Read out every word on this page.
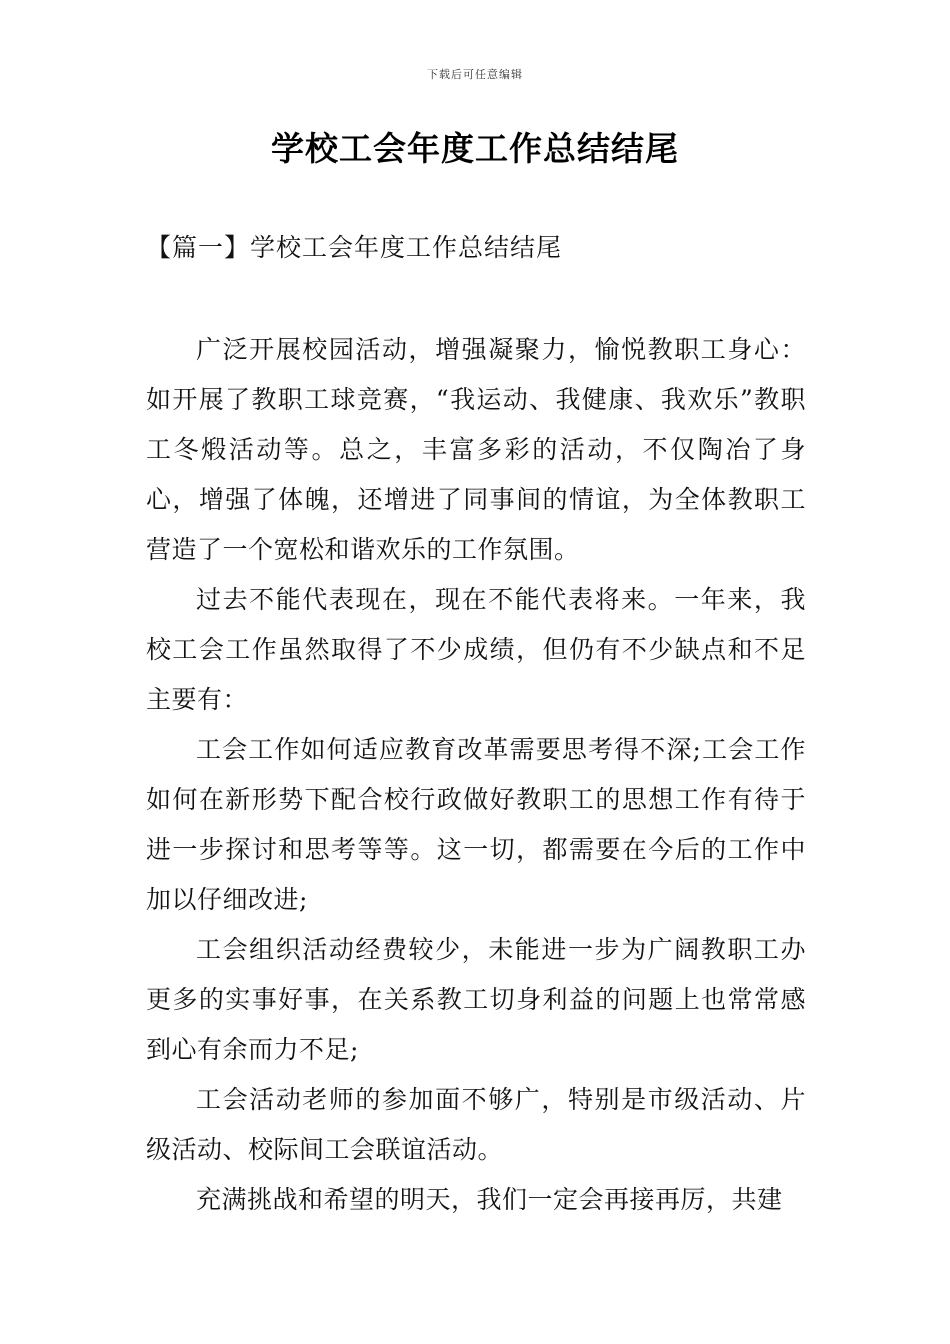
下载后可任意编辑
学校工会年度工作总结结尾
【篇一】学校工会年度工作总结结尾

广泛开展校园活动，增强凝聚力，愉悦教职工身心：如开展了教职工球竞赛，“我运动、我健康、我欢乐”教职工冬煅活动等。总之，丰富多彩的活动，不仅陶冶了身心，增强了体魄，还增进了同事间的情谊，为全体教职工营造了一个宽松和谐欢乐的工作氛围。

过去不能代表现在，现在不能代表将来。一年来，我校工会工作虽然取得了不少成绩，但仍有不少缺点和不足主要有：

工会工作如何适应教育改革需要思考得不深;工会工作如何在新形势下配合校行政做好教职工的思想工作有待于进一步探讨和思考等等。这一切，都需要在今后的工作中加以仔细改进;

工会组织活动经费较少，未能进一步为广阔教职工办更多的实事好事，在关系教工切身利益的问题上也常常感到心有余而力不足;

工会活动老师的参加面不够广，特别是市级活动、片级活动、校际间工会联谊活动。

充满挑战和希望的明天，我们一定会再接再厉，共建
